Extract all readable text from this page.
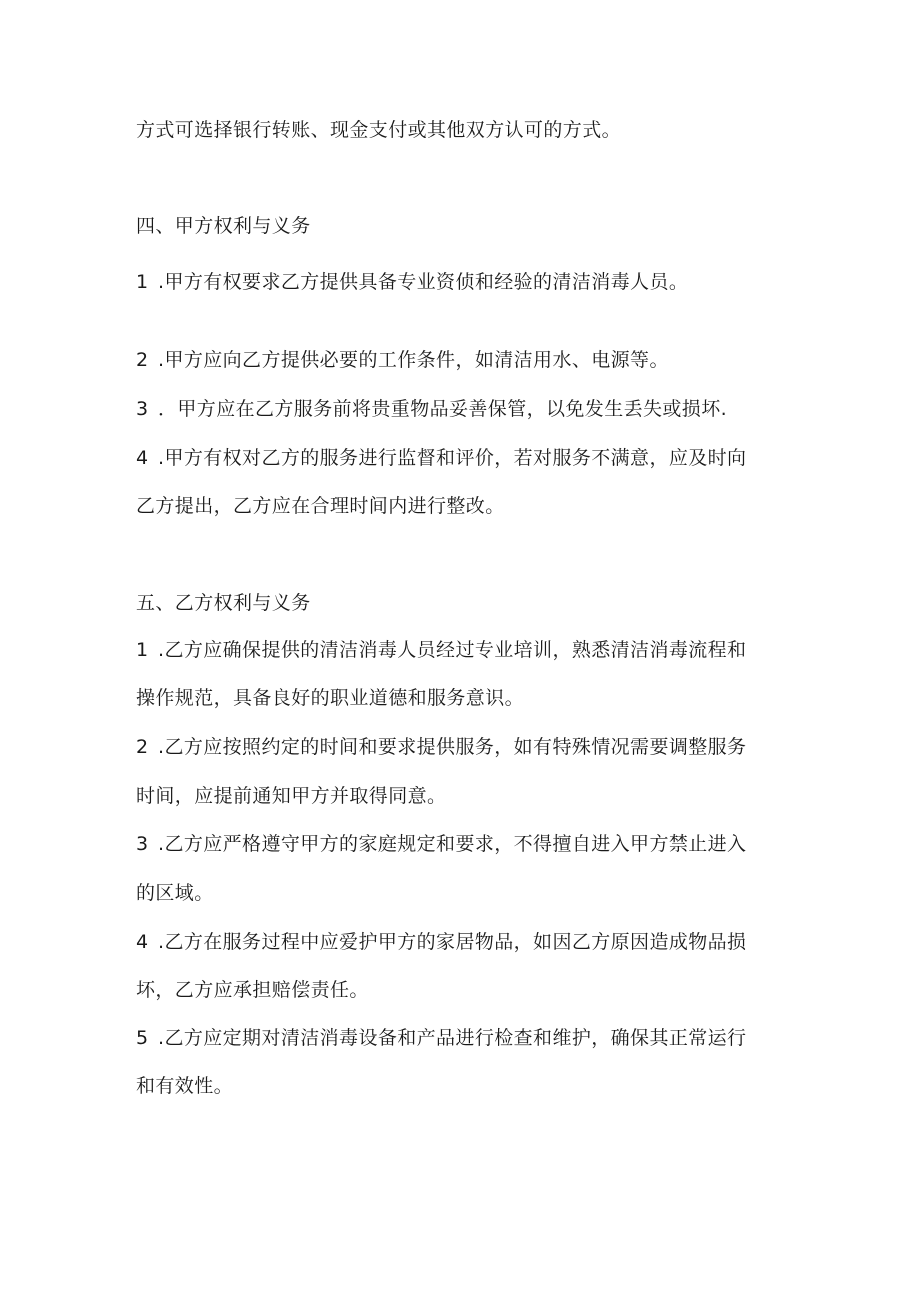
方式可选择银行转账、现金支付或其他双方认可的方式。
四、甲方权利与义务
1 .甲方有权要求乙方提供具备专业资侦和经验的清洁消毒人员。
2 .甲方应向乙方提供必要的工作条件，如清洁用水、电源等。
3 ．甲方应在乙方服务前将贵重物品妥善保管，以免发生丢失或损坏.
4 .甲方有权对乙方的服务进行监督和评价，若对服务不满意，应及时向
乙方提出，乙方应在合理时间内进行整改。
五、乙方权利与义务
1 .乙方应确保提供的清洁消毒人员经过专业培训，熟悉清洁消毒流程和
操作规范，具备良好的职业道德和服务意识。
2 .乙方应按照约定的时间和要求提供服务，如有特殊情况需要调整服务
时间，应提前通知甲方并取得同意。
3 .乙方应严格遵守甲方的家庭规定和要求，不得擅自进入甲方禁止进入
的区域。
4 .乙方在服务过程中应爱护甲方的家居物品，如因乙方原因造成物品损
坏，乙方应承担赔偿责任。
5 .乙方应定期对清洁消毒设备和产品进行检查和维护，确保其正常运行
和有效性。
